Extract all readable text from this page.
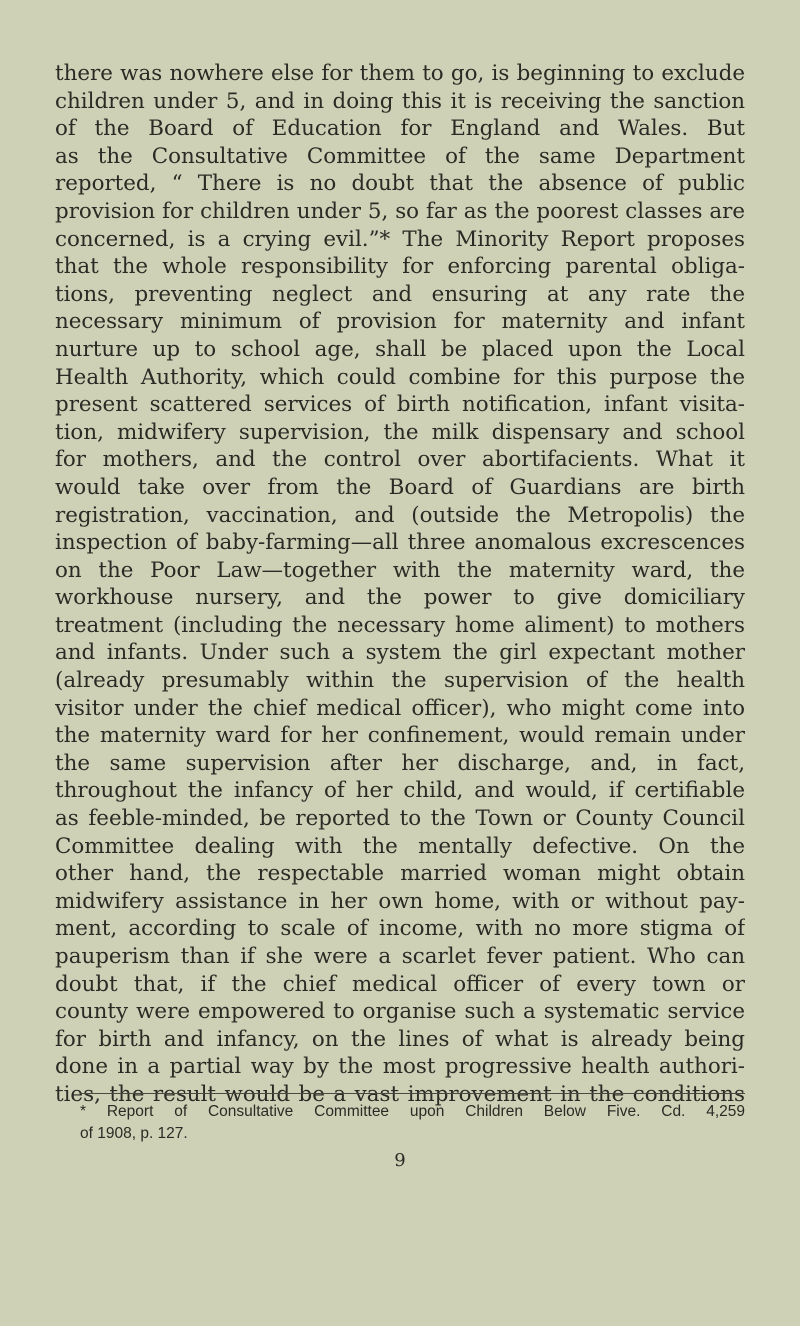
there was nowhere else for them to go, is beginning to exclude
children under 5, and in doing this it is receiving the sanction
of the Board of Education for England and Wales. But
as the Consultative Committee of the same Department
reported, “ There is no doubt that the absence of public
provision for children under 5, so far as the poorest classes are
concerned, is a crying evil.”* The Minority Report proposes
that the whole responsibility for enforcing parental obliga-
tions, preventing neglect and ensuring at any rate the
necessary minimum of provision for maternity and infant
nurture up to school age, shall be placed upon the Local
Health Authority, which could combine for this purpose the
present scattered services of birth notification, infant visita-
tion, midwifery supervision, the milk dispensary and school
for mothers, and the control over abortifacients. What it
would take over from the Board of Guardians are birth
registration, vaccination, and (outside the Metropolis) the
inspection of baby-farming—all three anomalous excrescences
on the Poor Law—together with the maternity ward, the
workhouse nursery, and the power to give domiciliary
treatment (including the necessary home aliment) to mothers
and infants. Under such a system the girl expectant mother
(already presumably within the supervision of the health
visitor under the chief medical officer), who might come into
the maternity ward for her confinement, would remain under
the same supervision after her discharge, and, in fact,
throughout the infancy of her child, and would, if certifiable
as feeble-minded, be reported to the Town or County Council
Committee dealing with the mentally defective. On the
other hand, the respectable married woman might obtain
midwifery assistance in her own home, with or without pay-
ment, according to scale of income, with no more stigma of
pauperism than if she were a scarlet fever patient. Who can
doubt that, if the chief medical officer of every town or
county were empowered to organise such a systematic service
for birth and infancy, on the lines of what is already being
done in a partial way by the most progressive health authori-
ties, the result would be a vast improvement in the conditions
* Report of Consultative Committee upon Children Below Five. Cd. 4,259
of 1908, p. 127.
9
